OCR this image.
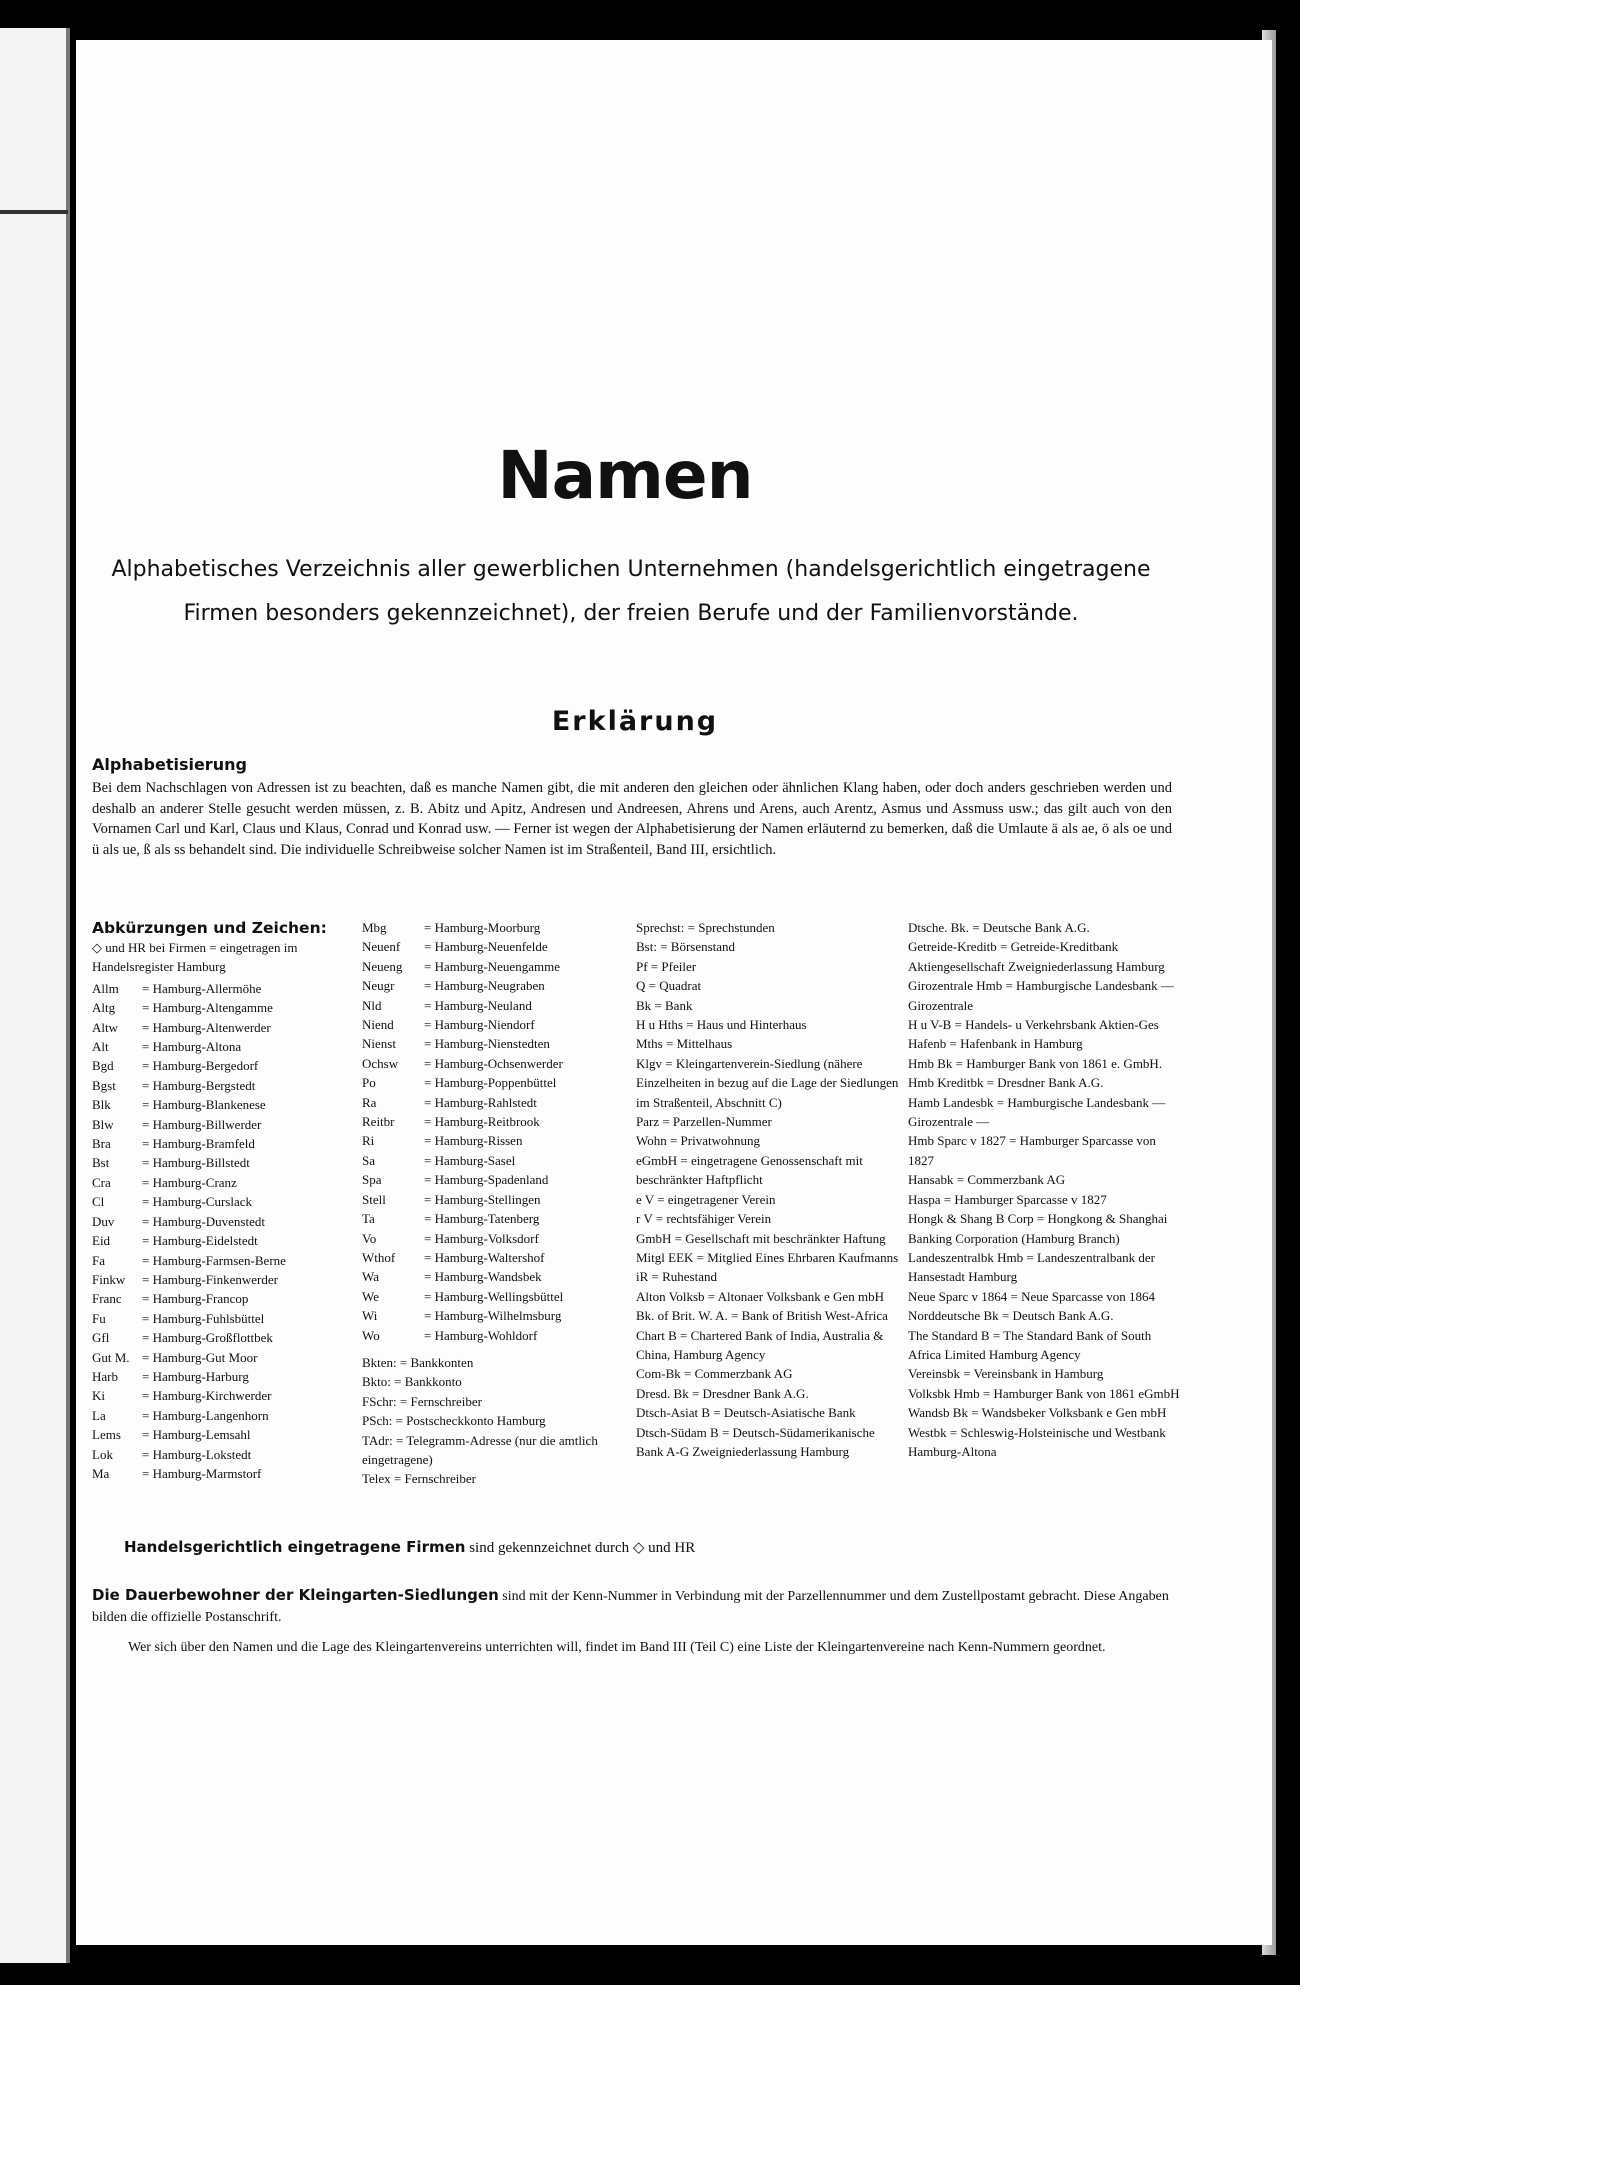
Namen
Alphabetisches Verzeichnis aller gewerblichen Unternehmen (handelsgerichtlich eingetragene Firmen besonders gekennzeichnet), der freien Berufe und der Familienvorstände.
Erklärung
Alphabetisierung
Bei dem Nachschlagen von Adressen ist zu beachten, daß es manche Namen gibt, die mit anderen den gleichen oder ähnlichen Klang haben, oder doch anders geschrieben werden und deshalb an anderer Stelle gesucht werden müssen, z. B. Abitz und Apitz, Andresen und Andreesen, Ahrens und Arens, auch Arentz, Asmus und Assmuss usw.; das gilt auch von den Vornamen Carl und Karl, Claus und Klaus, Conrad und Konrad usw. — Ferner ist wegen der Alphabetisierung der Namen erläuternd zu bemerken, daß die Umlaute ä als ae, ö als oe und ü als ue, ß als ss behandelt sind. Die individuelle Schreibweise solcher Namen ist im Straßenteil, Band III, ersichtlich.
Abkürzungen und Zeichen:
◇ und HR bei Firmen = eingetragen im Handelsregister Hamburg
Allm	= Hamburg-Allermöhe
Altg	= Hamburg-Altengamme
Altw	= Hamburg-Altenwerder
Alt	= Hamburg-Altona
Bgd	= Hamburg-Bergedorf
Bgst	= Hamburg-Bergstedt
Blk	= Hamburg-Blankenese
Blw	= Hamburg-Billwerder
Bra	= Hamburg-Bramfeld
Bst	= Hamburg-Billstedt
Cra	= Hamburg-Cranz
Cl	= Hamburg-Curslack
Duv	= Hamburg-Duvenstedt
Eid	= Hamburg-Eidelstedt
Fa	= Hamburg-Farmsen-Berne
Finkw	= Hamburg-Finkenwerder
Franc	= Hamburg-Francop
Fu	= Hamburg-Fuhlsbüttel
Gfl	= Hamburg-Großflottbek
Gut M. = Hamburg-Gut Moor
Harb	= Hamburg-Harburg
Ki	= Hamburg-Kirchwerder
La	= Hamburg-Langenhorn
Lems	= Hamburg-Lemsahl
Lok	= Hamburg-Lokstedt
Ma	= Hamburg-Marmstorf
Mbg	= Hamburg-Moorburg
Neuenf	= Hamburg-Neuenfelde
Neueng	= Hamburg-Neuengamme
Neugr	= Hamburg-Neugraben
Nld	= Hamburg-Neuland
Niend	= Hamburg-Niendorf
Nienst	= Hamburg-Nienstedten
Ochsw	= Hamburg-Ochsenwerder
Po	= Hamburg-Poppenbüttel
Ra	= Hamburg-Rahlstedt
Reitbr	= Hamburg-Reitbrook
Ri	= Hamburg-Rissen
Sa	= Hamburg-Sasel
Spa	= Hamburg-Spadenland
Stell	= Hamburg-Stellingen
Ta	= Hamburg-Tatenberg
Vo	= Hamburg-Volksdorf
Wthof	= Hamburg-Waltershof
Wa	= Hamburg-Wandsbek
We	= Hamburg-Wellingsbüttel
Wi	= Hamburg-Wilhelmsburg
Wo	= Hamburg-Wohldorf
Bkten: = Bankkonten
Bkto: = Bankkonto
FSchr: = Fernschreiber
PSch: = Postscheckkonto Hamburg
TAdr: = Telegramm-Adresse (nur die amtlich eingetragene)
Telex = Fernschreiber
Sprechst: = Sprechstunden
Bst: = Börsenstand
Pf = Pfeiler
Q = Quadrat
Bk = Bank
H u Hths = Haus und Hinterhaus
Mths = Mittelhaus
Klgv = Kleingartenverein-Siedlung (nähere Einzelheiten in bezug auf die Lage der Siedlungen im Straßenteil, Abschnitt C)
Parz = Parzellen-Nummer
Wohn = Privatwohnung
eGmbH = eingetragene Genossenschaft mit beschränkter Haftpflicht
e V = eingetragener Verein
r V = rechtsfähiger Verein
GmbH = Gesellschaft mit beschränkter Haftung
Mitgl EEK = Mitglied Eines Ehrbaren Kaufmanns
iR = Ruhestand
Alton Volksb = Altonaer Volksbank e Gen mbH
Bk. of Brit. W. A. = Bank of British West-Africa
Chart B = Chartered Bank of India, Australia & China, Hamburg Agency
Com-Bk = Commerzbank AG
Dresd. Bk = Dresdner Bank A.G.
Dtsch-Asiat B = Deutsch-Asiatische Bank
Dtsch-Südam B = Deutsch-Südamerikanische Bank A-G Zweigniederlassung Hamburg
Dtsche. Bk. = Deutsche Bank A.G.
Getreide-Kreditb = Getreide-Kreditbank Aktiengesellschaft Zweigniederlassung Hamburg
Girozentrale Hmb = Hamburgische Landesbank — Girozentrale
H u V-B = Handels- u Verkehrsbank Aktien-Ges
Hafenb = Hafenbank in Hamburg
Hmb Bk = Hamburger Bank von 1861 e. GmbH.
Hmb Kreditbk = Dresdner Bank A.G.
Hamb Landesbk = Hamburgische Landesbank — Girozentrale —
Hmb Sparc v 1827 = Hamburger Sparcasse von 1827
Hansabk = Commerzbank AG
Haspa = Hamburger Sparcasse v 1827
Hongk & Shang B Corp = Hongkong & Shanghai Banking Corporation (Hamburg Branch)
Landeszentralbk Hmb = Landeszentralbank der Hansestadt Hamburg
Neue Sparc v 1864 = Neue Sparcasse von 1864
Norddeutsche Bk = Deutsch Bank A.G.
The Standard B = The Standard Bank of South Africa Limited Hamburg Agency
Vereinsbk = Vereinsbank in Hamburg
Volksbk Hmb = Hamburger Bank von 1861 eGmbH
Wandsb Bk = Wandsbeker Volksbank e Gen mbH
Westbk = Schleswig-Holsteinische und Westbank Hamburg-Altona
Handelsgerichtlich eingetragene Firmen sind gekennzeichnet durch ◇ und HR
Die Dauerbewohner der Kleingarten-Siedlungen sind mit der Kenn-Nummer in Verbindung mit der Parzellennummer und dem Zustellpostamt gebracht. Diese Angaben bilden die offizielle Postanschrift.
Wer sich über den Namen und die Lage des Kleingartenvereins unterrichten will, findet im Band III (Teil C) eine Liste der Kleingartenvereine nach Kenn-Nummern geordnet.
